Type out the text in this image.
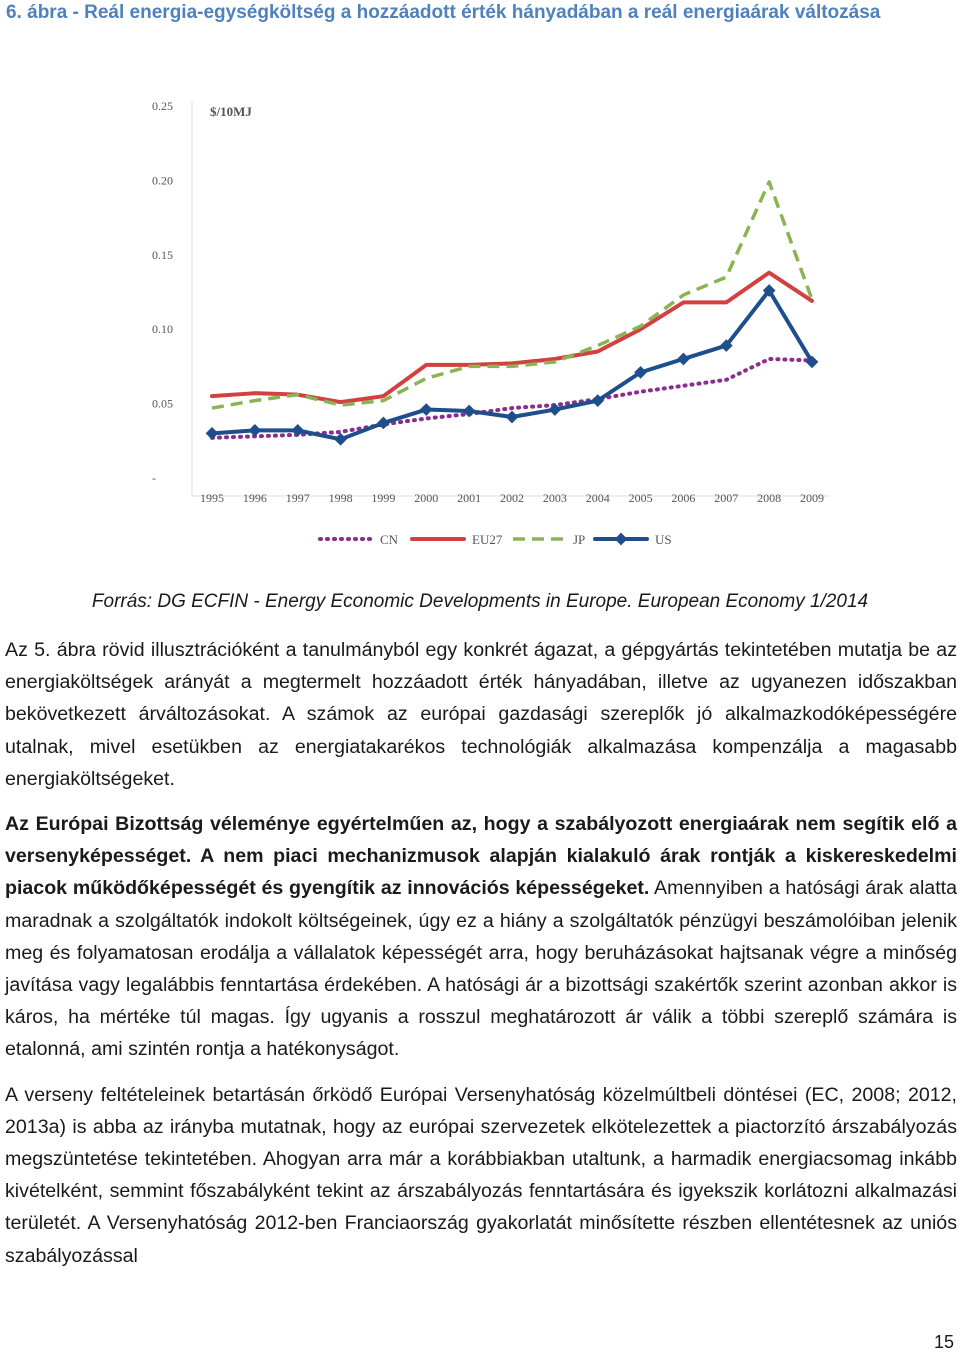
6. ábra - Reál energia-egységköltség a hozzáadott érték hányadában a reál energiaárak változása
$/10MJ
0.25
0.20
0.15
0.10
0.05
-
1995 1996 1997 1998 1999 2000 2001 2002 2003 2004 2005 2006 2007 2008 2009
CN	EU27	JP	US
Forrás: DG ECFIN - Energy Economic Developments in Europe. European Economy 1/2014

Az 5. ábra rövid illusztrációként a tanulmányból egy konkrét ágazat, a gépgyártás tekintetében mutatja be az energiaköltségek arányát a megtermelt hozzáadott érték hányadában, illetve az ugyanezen időszakban bekövetkezett árváltozásokat. A számok az európai gazdasági szereplők jó alkalmazkodóképességére utalnak, mivel esetükben az energiatakarékos technológiák alkalmazása kompenzálja a magasabb energiaköltségeket.

Az Európai Bizottság véleménye egyértelműen az, hogy a szabályozott energiaárak nem segítik elő a versenyképességet. A nem piaci mechanizmusok alapján kialakuló árak rontják a kiskereskedelmi piacok működőképességét és gyengítik az innovációs képességeket. Amennyiben a hatósági árak alatta maradnak a szolgáltatók indokolt költségeinek, úgy ez a hiány a szolgáltatók pénzügyi beszámolóiban jelenik meg és folyamatosan erodálja a vállalatok képességét arra, hogy beruházásokat hajtsanak végre a minőség javítása vagy legalábbis fenntartása érdekében. A hatósági ár a bizottsági szakértők szerint azonban akkor is káros, ha mértéke túl magas. Így ugyanis a rosszul meghatározott ár válik a többi szereplő számára is etalonná, ami szintén rontja a hatékonyságot.

A verseny feltételeinek betartásán őrködő Európai Versenyhatóság közelmúltbeli döntései (EC, 2008; 2012, 2013a) is abba az irányba mutatnak, hogy az európai szervezetek elkötelezettek a piactorzító árszabályozás megszüntetése tekintetében. Ahogyan arra már a korábbiakban utaltunk, a harmadik energiacsomag inkább kivételként, semmint főszabályként tekint az árszabályozás fenntartására és igyekszik korlátozni alkalmazási területét. A Versenyhatóság 2012-ben Franciaország gyakorlatát minősítette részben ellentétesnek az uniós szabályozással

15
